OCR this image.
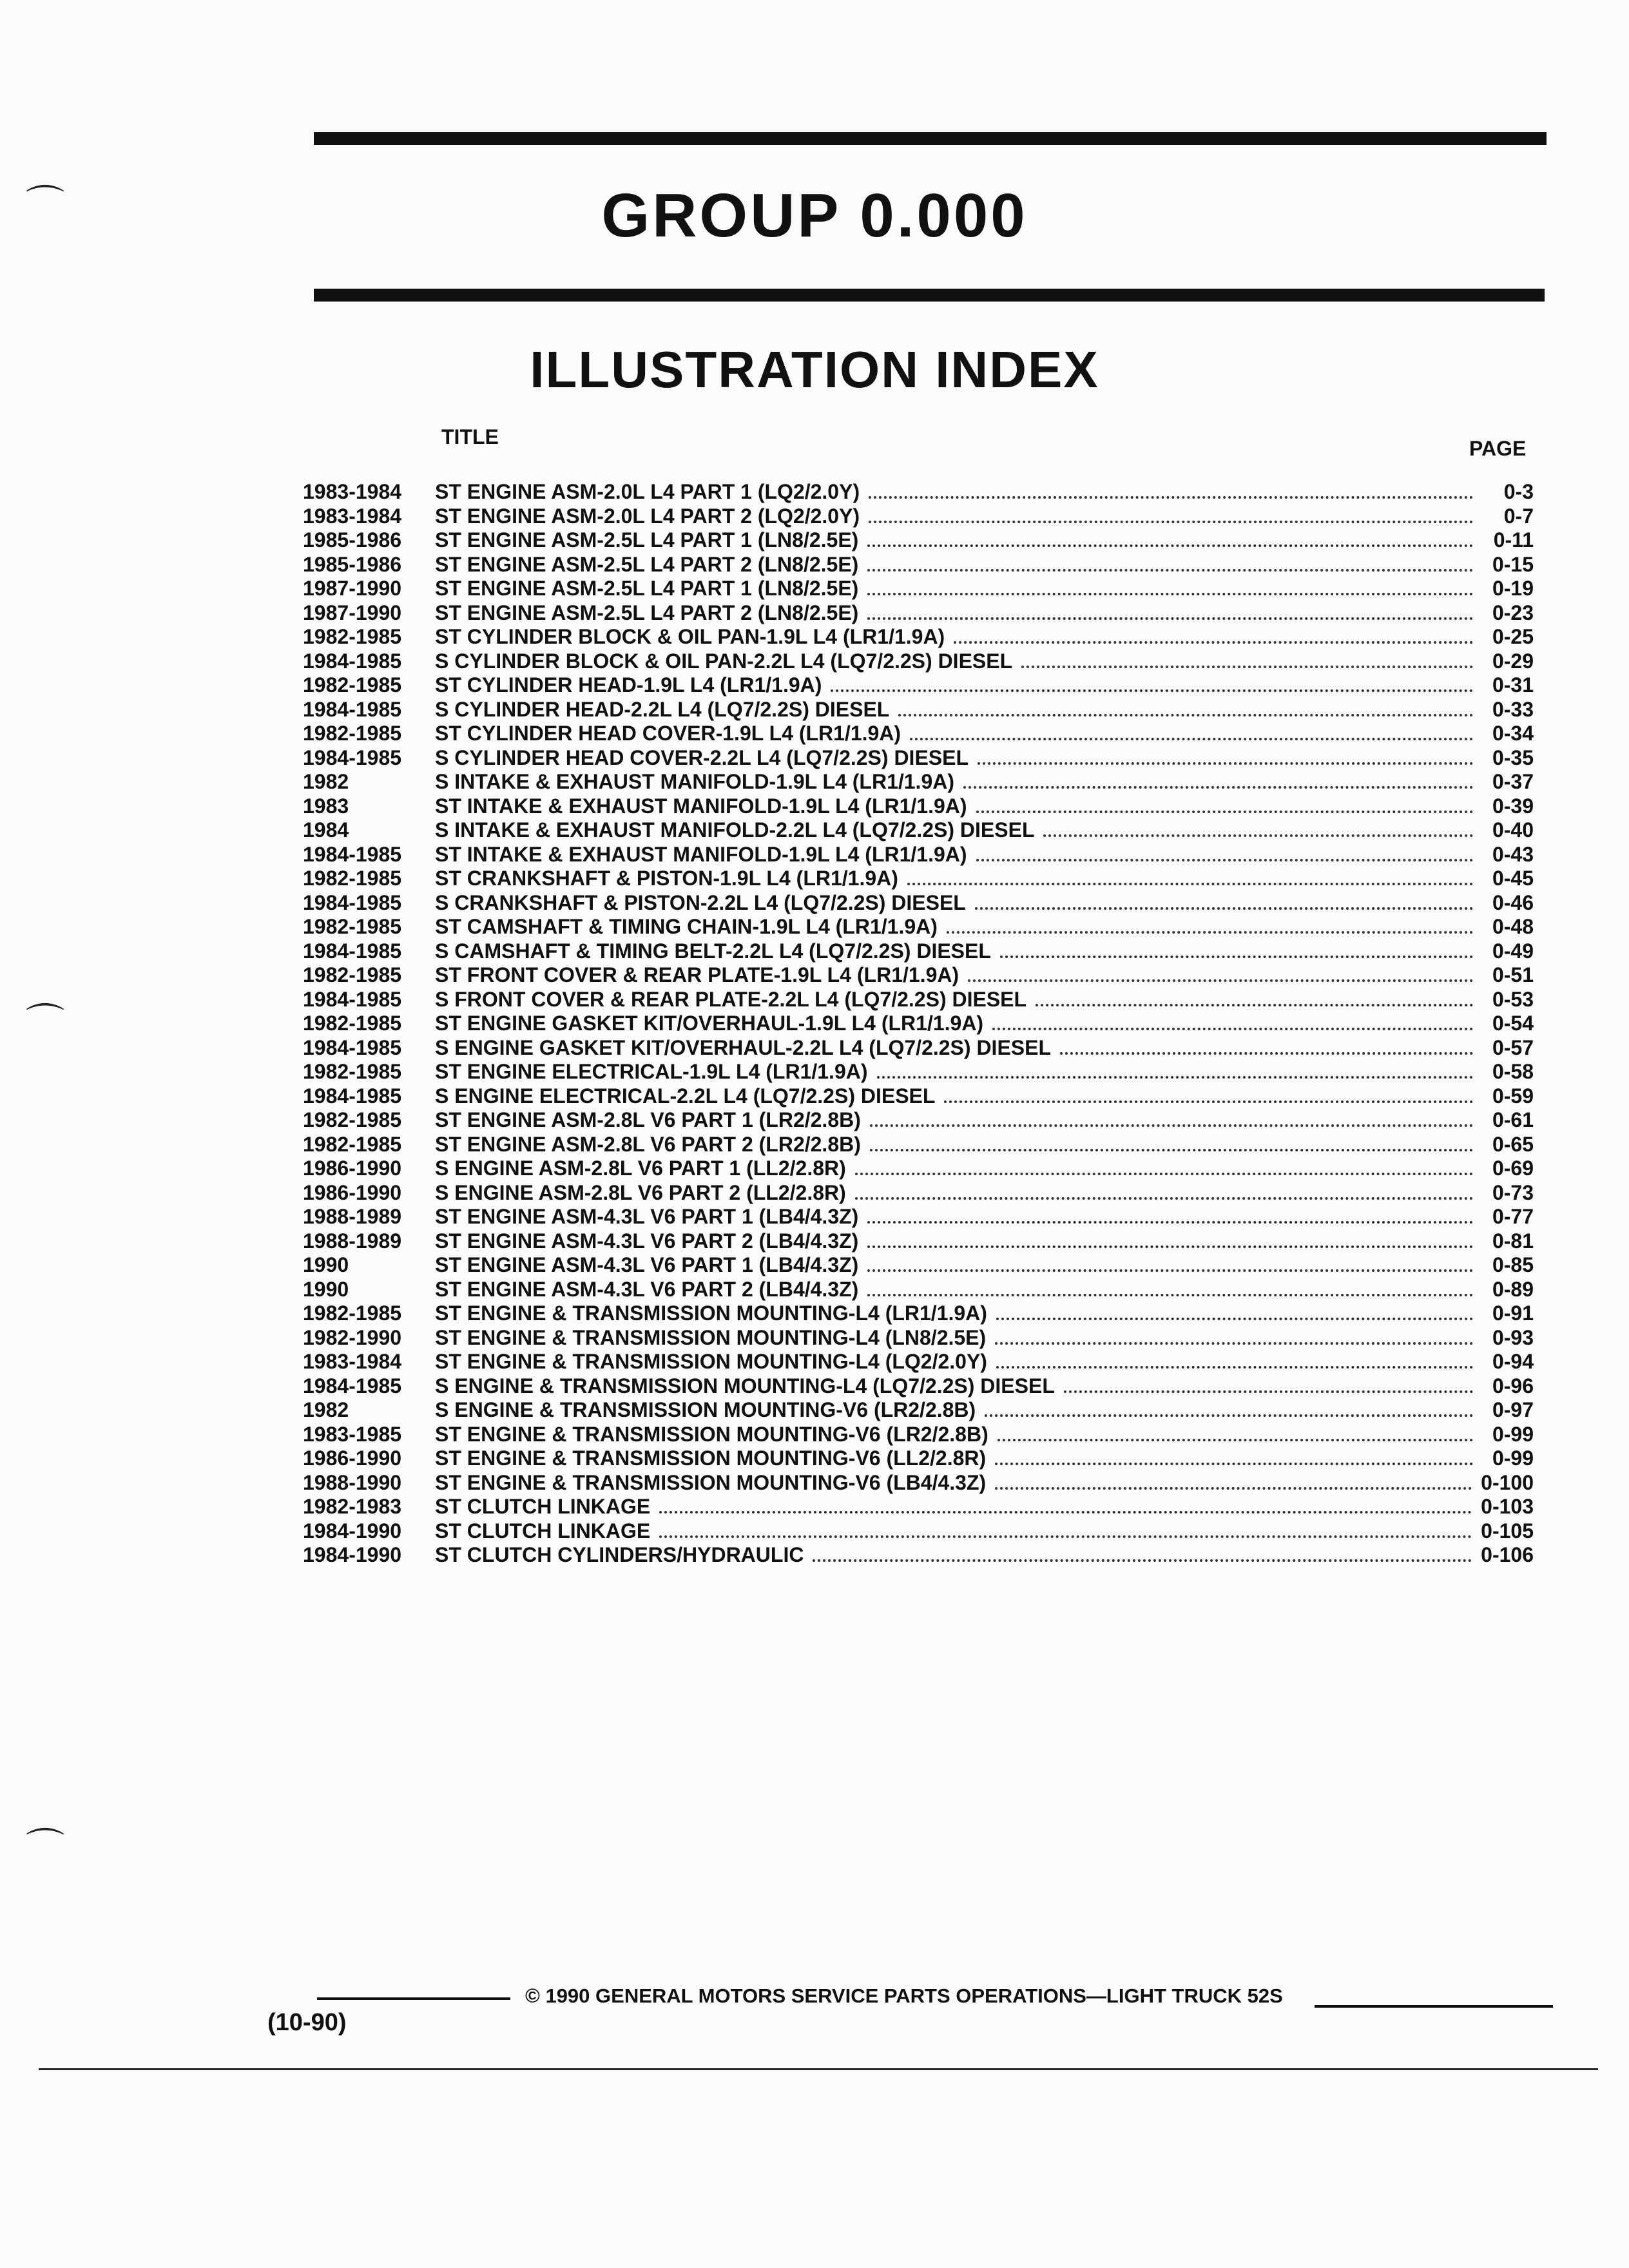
GROUP 0.000
ILLUSTRATION INDEX
TITLE	PAGE
1983-1984	ST ENGINE ASM-2.0L L4 PART 1 (LQ2/2.0Y)	0-3
1983-1984	ST ENGINE ASM-2.0L L4 PART 2 (LQ2/2.0Y)	0-7
1985-1986	ST ENGINE ASM-2.5L L4 PART 1 (LN8/2.5E)	0-11
1985-1986	ST ENGINE ASM-2.5L L4 PART 2 (LN8/2.5E)	0-15
1987-1990	ST ENGINE ASM-2.5L L4 PART 1 (LN8/2.5E)	0-19
1987-1990	ST ENGINE ASM-2.5L L4 PART 2 (LN8/2.5E)	0-23
1982-1985	ST CYLINDER BLOCK & OIL PAN-1.9L L4 (LR1/1.9A)	0-25
1984-1985	S CYLINDER BLOCK & OIL PAN-2.2L L4 (LQ7/2.2S) DIESEL	0-29
1982-1985	ST CYLINDER HEAD-1.9L L4 (LR1/1.9A)	0-31
1984-1985	S CYLINDER HEAD-2.2L L4 (LQ7/2.2S) DIESEL	0-33
1982-1985	ST CYLINDER HEAD COVER-1.9L L4 (LR1/1.9A)	0-34
1984-1985	S CYLINDER HEAD COVER-2.2L L4 (LQ7/2.2S) DIESEL	0-35
1982	S INTAKE & EXHAUST MANIFOLD-1.9L L4 (LR1/1.9A)	0-37
1983	ST INTAKE & EXHAUST MANIFOLD-1.9L L4 (LR1/1.9A)	0-39
1984	S INTAKE & EXHAUST MANIFOLD-2.2L L4 (LQ7/2.2S) DIESEL	0-40
1984-1985	ST INTAKE & EXHAUST MANIFOLD-1.9L L4 (LR1/1.9A)	0-43
1982-1985	ST CRANKSHAFT & PISTON-1.9L L4 (LR1/1.9A)	0-45
1984-1985	S CRANKSHAFT & PISTON-2.2L L4 (LQ7/2.2S) DIESEL	0-46
1982-1985	ST CAMSHAFT & TIMING CHAIN-1.9L L4 (LR1/1.9A)	0-48
1984-1985	S CAMSHAFT & TIMING BELT-2.2L L4 (LQ7/2.2S) DIESEL	0-49
1982-1985	ST FRONT COVER & REAR PLATE-1.9L L4 (LR1/1.9A)	0-51
1984-1985	S FRONT COVER & REAR PLATE-2.2L L4 (LQ7/2.2S) DIESEL	0-53
1982-1985	ST ENGINE GASKET KIT/OVERHAUL-1.9L L4 (LR1/1.9A)	0-54
1984-1985	S ENGINE GASKET KIT/OVERHAUL-2.2L L4 (LQ7/2.2S) DIESEL	0-57
1982-1985	ST ENGINE ELECTRICAL-1.9L L4 (LR1/1.9A)	0-58
1984-1985	S ENGINE ELECTRICAL-2.2L L4 (LQ7/2.2S) DIESEL	0-59
1982-1985	ST ENGINE ASM-2.8L V6 PART 1 (LR2/2.8B)	0-61
1982-1985	ST ENGINE ASM-2.8L V6 PART 2 (LR2/2.8B)	0-65
1986-1990	S ENGINE ASM-2.8L V6 PART 1 (LL2/2.8R)	0-69
1986-1990	S ENGINE ASM-2.8L V6 PART 2 (LL2/2.8R)	0-73
1988-1989	ST ENGINE ASM-4.3L V6 PART 1 (LB4/4.3Z)	0-77
1988-1989	ST ENGINE ASM-4.3L V6 PART 2 (LB4/4.3Z)	0-81
1990	ST ENGINE ASM-4.3L V6 PART 1 (LB4/4.3Z)	0-85
1990	ST ENGINE ASM-4.3L V6 PART 2 (LB4/4.3Z)	0-89
1982-1985	ST ENGINE & TRANSMISSION MOUNTING-L4 (LR1/1.9A)	0-91
1982-1990	ST ENGINE & TRANSMISSION MOUNTING-L4 (LN8/2.5E)	0-93
1983-1984	ST ENGINE & TRANSMISSION MOUNTING-L4 (LQ2/2.0Y)	0-94
1984-1985	S ENGINE & TRANSMISSION MOUNTING-L4 (LQ7/2.2S) DIESEL	0-96
1982	S ENGINE & TRANSMISSION MOUNTING-V6 (LR2/2.8B)	0-97
1983-1985	ST ENGINE & TRANSMISSION MOUNTING-V6 (LR2/2.8B)	0-99
1986-1990	ST ENGINE & TRANSMISSION MOUNTING-V6 (LL2/2.8R)	0-99
1988-1990	ST ENGINE & TRANSMISSION MOUNTING-V6 (LB4/4.3Z)	0-100
1982-1983	ST CLUTCH LINKAGE	0-103
1984-1990	ST CLUTCH LINKAGE	0-105
1984-1990	ST CLUTCH CYLINDERS/HYDRAULIC	0-106
© 1990 GENERAL MOTORS SERVICE PARTS OPERATIONS—LIGHT TRUCK 52S
(10-90)
⌒
⌒
⌒
